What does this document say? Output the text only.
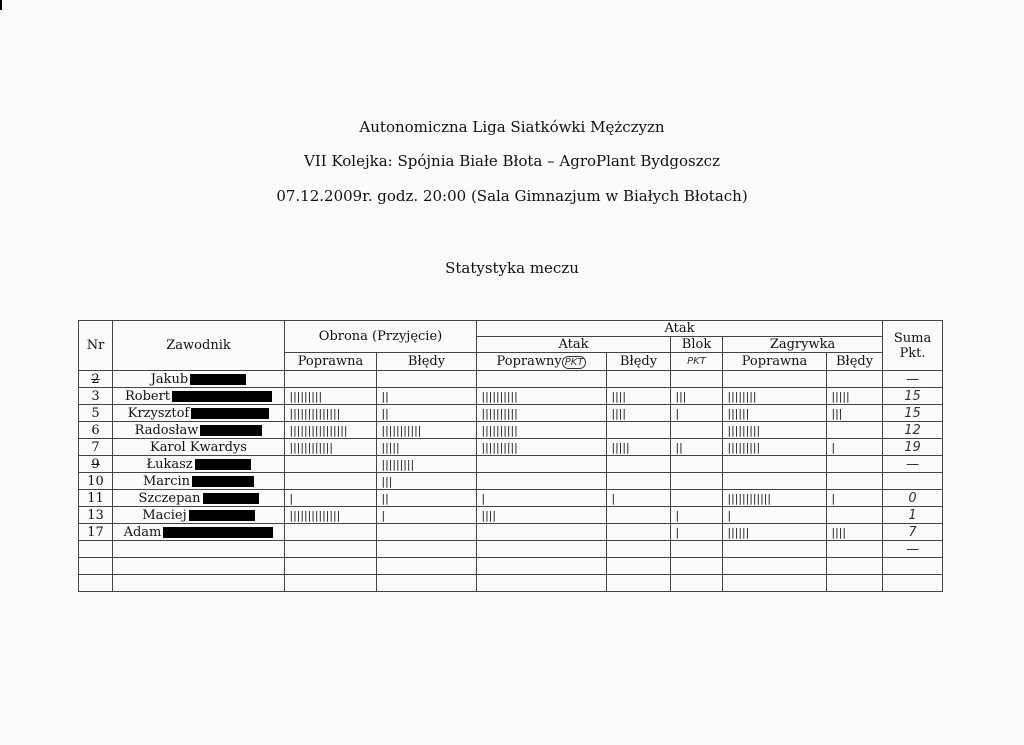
Autonomiczna Liga Siatkówki Mężczyzn
VII Kolejka: Spójnia Białe Błota – AgroPlant Bydgoszcz
07.12.2009r. godz. 20:00 (Sala Gimnazjum w Białych Błotach)
Statystyka meczu
Nr	Zawodnik	Obrona (Przyjęcie)		Atak					Suma
Pkt.
				Atak		Blok	Zagrywka		
		Poprawna	Błędy	Poprawny PKT	Błędy	PKT	Poprawna	Błędy	
2	Jakub								—
3	Robert	|||||||||	||	||||||||||	||||	|||	||||||||	|||||	15
5	Krzysztof	||||||||||||||	||	||||||||||	||||	|	||||||	|||	15
6	Radosław	||||||||||||||||	|||||||||||	||||||||||			|||||||||		12
7	Karol Kwardys	||||||||||||	|||||	||||||||||	|||||	||	|||||||||	|	19
9	Łukasz		|||||||||						—
10	Marcin		|||						
11	Szczepan	|	||	|	|		||||||||||||	|	0
13	Maciej	||||||||||||||	|	||||		|	|		1
17	Adam					|	||||||	||||	7
									—
